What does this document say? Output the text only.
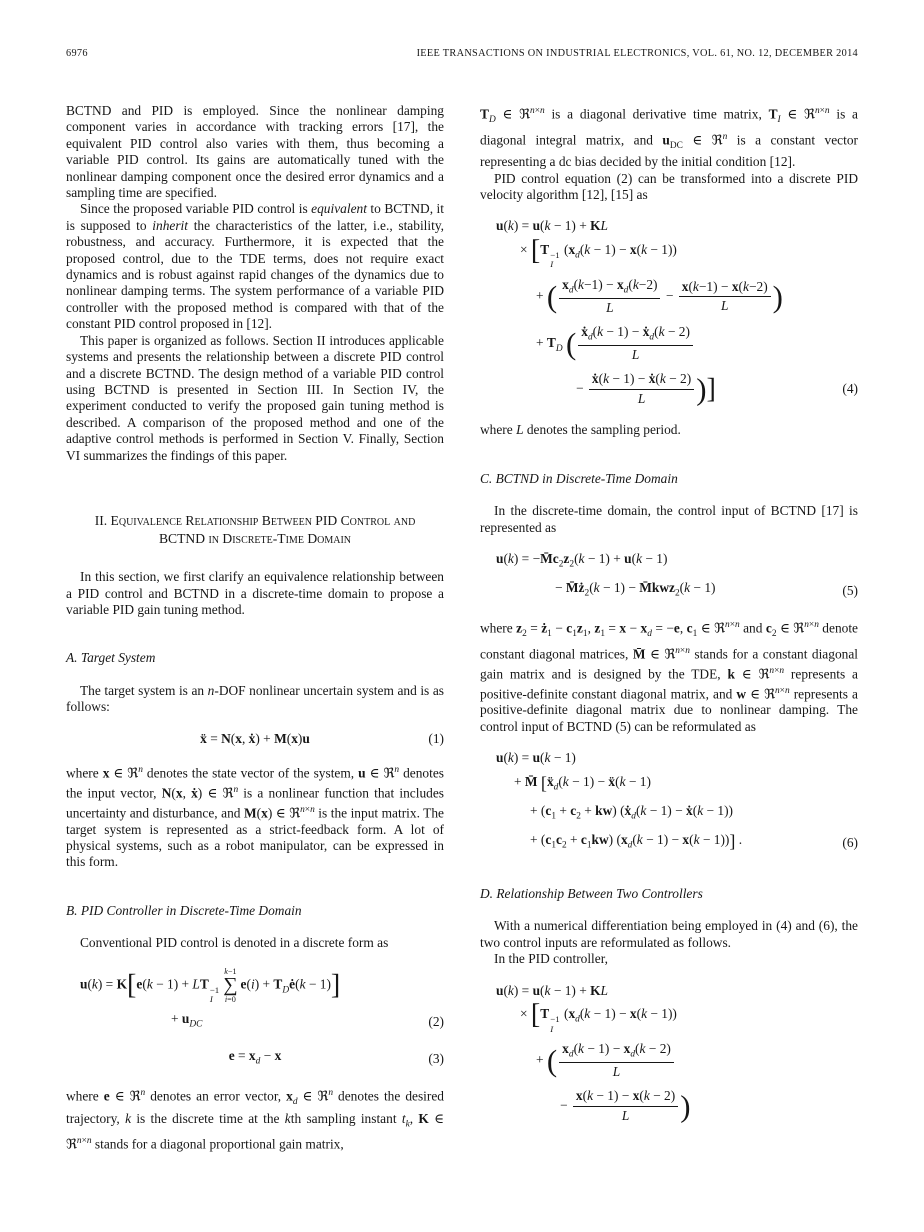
6976	IEEE TRANSACTIONS ON INDUSTRIAL ELECTRONICS, VOL. 61, NO. 12, DECEMBER 2014

BCTND and PID is employed. Since the nonlinear damping component varies in accordance with tracking errors [17], the equivalent PID control also varies with them, thus becoming a variable PID control. Its gains are automatically tuned with the nonlinear damping component once the desired error dynamics and a sampling time are specified.

Since the proposed variable PID control is equivalent to BCTND, it is supposed to inherit the characteristics of the latter, i.e., stability, robustness, and accuracy. Furthermore, it is expected that the proposed control, due to the TDE terms, does not require exact dynamics and is robust against rapid changes of the dynamics due to nonlinear damping terms. The system performance of a variable PID controller with the proposed method is compared with that of the constant PID control proposed in [12].

This paper is organized as follows. Section II introduces applicable systems and presents the relationship between a discrete PID control and a discrete BCTND. The design method of a variable PID control using BCTND is presented in Section III. In Section IV, the experiment conducted to verify the proposed gain tuning method is described. A comparison of the proposed method and one of the adaptive control methods is performed in Section V. Finally, Section VI summarizes the findings of this paper.

II. Equivalence Relationship Between PID Control and BCTND in Discrete-Time Domain

In this section, we first clarify an equivalence relationship between a PID control and BCTND in a discrete-time domain to propose a variable PID gain tuning method.

A. Target System

The target system is an n-DOF nonlinear uncertain system and is as follows:

ẍ = N(x, ẋ) + M(x)u	(1)

where x ∈ ℜ$^n$ denotes the state vector of the system, u ∈ ℜ$^n$ denotes the input vector, N(x, ẋ) ∈ ℜ$^n$ is a nonlinear function that includes uncertainty and disturbance, and M(x) ∈ ℜ$^{n\times n}$ is the input matrix. The target system is represented as a strict-feedback form. A lot of physical systems, such as a robot manipulator, can be expressed in this form.

B. PID Controller in Discrete-Time Domain

Conventional PID control is denoted in a discrete form as

u(k) = K[e(k − 1) + LT −1
I
k−1
∑
i=0
$e(i) + T_Dė(k - 1)$]
+ $u_{DC}$	(2)
$e = x_d - x$	(3)

where e ∈ ℜ$^n$ denotes an error vector, $x_d$ ∈ ℜ$^n$ denotes the desired trajectory, k is the discrete time at the kth sampling instant $t_k$, K ∈ ℜ$^{n\times n}$ stands for a diagonal proportional gain matrix,

$T_D$ ∈ ℜ$^{n\times n}$ is a diagonal derivative time matrix, $T_I$ ∈ ℜ$^{n\times n}$ is a diagonal integral matrix, and $u_{DC}$ ∈ ℜ$^n$ is a constant vector representing a dc bias decided by the initial condition [12].

PID control equation (2) can be transformed into a discrete PID velocity algorithm [12], [15] as

u(k) = u(k − 1) + KL
× [T −1
I
$(x_d(k - 1) - x(k - 1))$
+ ( $\frac{x_d(k-1) - x_d(k-2)}{L} - \frac{x(k-1) - x(k-2)}{L}$ )
+ $T_D$ ( $\frac{ẋ_d(k - 1) - ẋ_d(k - 2)}{L}$
− $\frac{ẋ(k - 1) - ẋ(k - 2)}{L}$ )]	(4)

where L denotes the sampling period.

C. BCTND in Discrete-Time Domain

In the discrete-time domain, the control input of BCTND [17] is represented as

$u(k) = -M̄c_2z_2(k - 1) + u(k - 1)$
− $M̄ż_2(k - 1)$ − M̄kwz$_2$(k − 1)	(5)

where $z_2$ = $ż_1 - c_1z_1$, $z_1 = x - x_d = -e$, $c_1$ ∈ ℜ$^{n\times n}$ and $c_2$ ∈ ℜ$^{n\times n}$ denote constant diagonal matrices, M̄ ∈ ℜ$^{n\times n}$ stands for a constant diagonal gain matrix and is designed by the TDE, k ∈ ℜ$^{n\times n}$ represents a positive-definite constant diagonal matrix, and w ∈ ℜ$^{n\times n}$ represents a positive-definite diagonal matrix due to nonlinear damping. The control input of BCTND (5) can be reformulated as

u(k) = u(k − 1)
+ M̄ [$ẍ_d(k - 1)$ − ẍ(k − 1)
+ $(c_1 + c_2 + kw)$ ($ẋ_d(k - 1)$ − ẋ(k − 1))
+ $(c_1c_2 + c_1kw) (x_d(k - 1) - x(k - 1))$] .	(6)
D. Relationship Between Two Controllers

With a numerical differentiation being employed in (4) and (6), the two control inputs are reformulated as follows.

In the PID controller,

u(k) = u(k − 1) + KL
× [T −1
I
$(x_d(k - 1) - x(k - 1))$
+ ( $\frac{x_d(k - 1) - x_d(k - 2)}{L}$
− $\frac{x(k - 1) - x(k - 2)}{L}$ )
